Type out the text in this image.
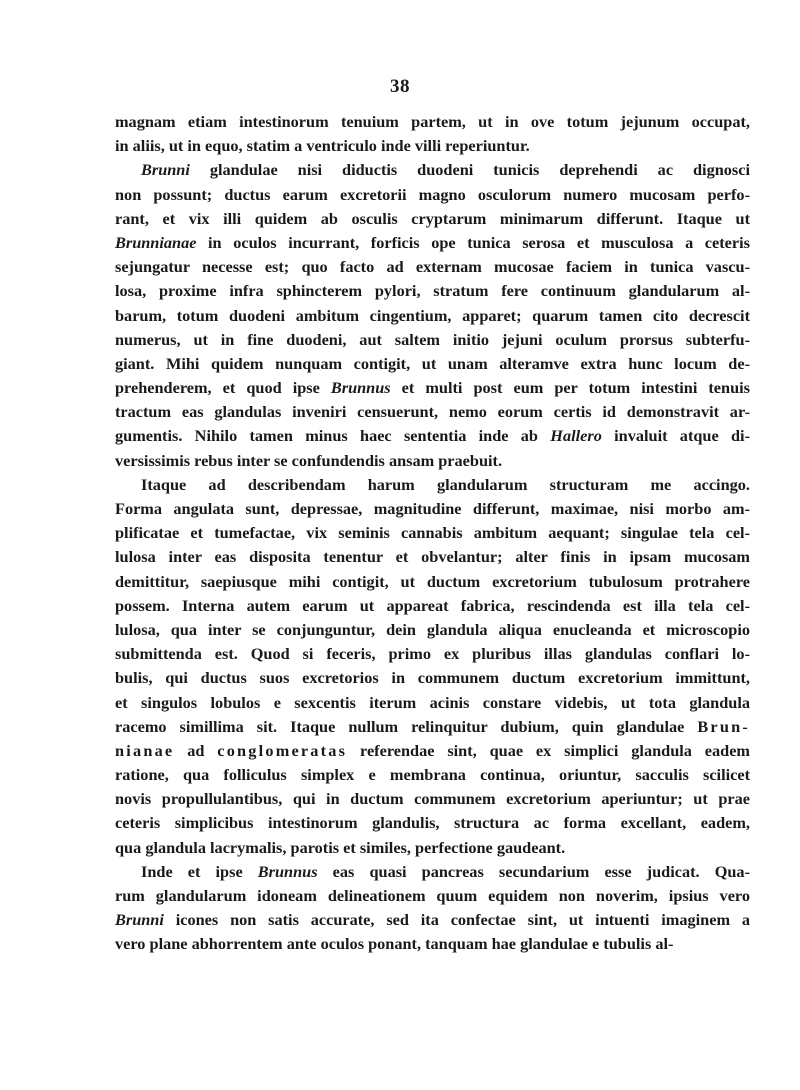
38
magnam etiam intestinorum tenuium partem, ut in ove totum jejunum occupat,
in aliis, ut in equo, statim a ventriculo inde villi reperiuntur.
Brunni glandulae nisi diductis duodeni tunicis deprehendi ac dignosci
non possunt; ductus earum excretorii magno osculorum numero mucosam perfo-
rant, et vix illi quidem ab osculis cryptarum minimarum differunt. Itaque ut
Brunnianae in oculos incurrant, forficis ope tunica serosa et musculosa a ceteris
sejungatur necesse est; quo facto ad externam mucosae faciem in tunica vascu-
losa, proxime infra sphincterem pylori, stratum fere continuum glandularum al-
barum, totum duodeni ambitum cingentium, apparet; quarum tamen cito decrescit
numerus, ut in fine duodeni, aut saltem initio jejuni oculum prorsus subterfu-
giant. Mihi quidem nunquam contigit, ut unam alteramve extra hunc locum de-
prehenderem, et quod ipse Brunnus et multi post eum per totum intestini tenuis
tractum eas glandulas inveniri censuerunt, nemo eorum certis id demonstravit ar-
gumentis. Nihilo tamen minus haec sententia inde ab Hallero invaluit atque di-
versissimis rebus inter se confundendis ansam praebuit.
Itaque ad describendam harum glandularum structuram me accingo.
Forma angulata sunt, depressae, magnitudine differunt, maximae, nisi morbo am-
plificatae et tumefactae, vix seminis cannabis ambitum aequant; singulae tela cel-
lulosa inter eas disposita tenentur et obvelantur; alter finis in ipsam mucosam
demittitur, saepiusque mihi contigit, ut ductum excretorium tubulosum protrahere
possem. Interna autem earum ut appareat fabrica, rescindenda est illa tela cel-
lulosa, qua inter se conjunguntur, dein glandula aliqua enucleanda et microscopio
submittenda est. Quod si feceris, primo ex pluribus illas glandulas conflari lo-
bulis, qui ductus suos excretorios in communem ductum excretorium immittunt,
et singulos lobulos e sexcentis iterum acinis constare videbis, ut tota glandula
racemo simillima sit. Itaque nullum relinquitur dubium, quin glandulae Brun-
nianae ad conglomeratas referendae sint, quae ex simplici glandula eadem
ratione, qua folliculus simplex e membrana continua, oriuntur, sacculis scilicet
novis propullulantibus, qui in ductum communem excretorium aperiuntur; ut prae
ceteris simplicibus intestinorum glandulis, structura ac forma excellant, eadem,
qua glandula lacrymalis, parotis et similes, perfectione gaudeant.
Inde et ipse Brunnus eas quasi pancreas secundarium esse judicat. Qua-
rum glandularum idoneam delineationem quum equidem non noverim, ipsius vero
Brunni icones non satis accurate, sed ita confectae sint, ut intuenti imaginem a
vero plane abhorrentem ante oculos ponant, tanquam hae glandulae e tubulis al-
